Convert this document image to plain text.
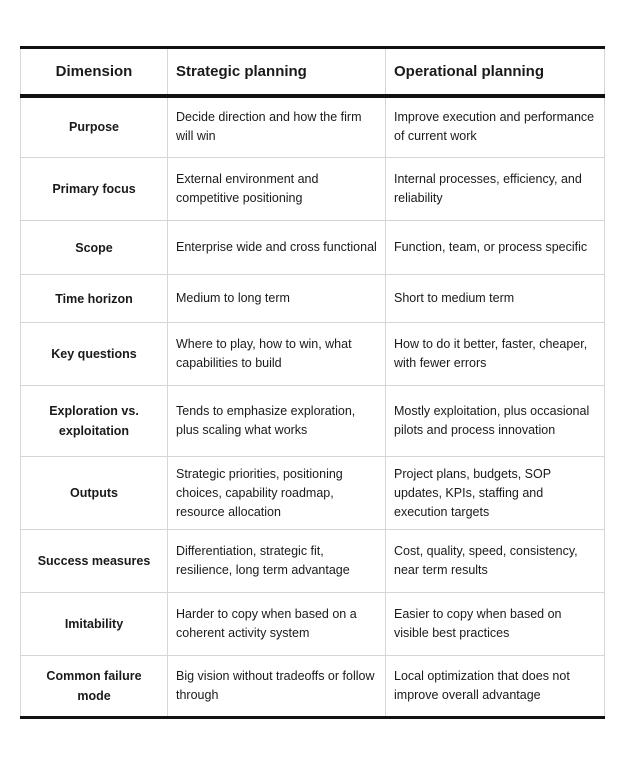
Dimension	Strategic planning	Operational planning
Purpose	Decide direction and how the firm will win	Improve execution and performance of current work
Primary focus	External environment and competitive positioning	Internal processes, efficiency, and reliability
Scope	Enterprise wide and cross functional	Function, team, or process specific
Time horizon	Medium to long term	Short to medium term
Key questions	Where to play, how to win, what capabilities to build	How to do it better, faster, cheaper, with fewer errors
Exploration vs. exploitation	Tends to emphasize exploration, plus scaling what works	Mostly exploitation, plus occasional pilots and process innovation
Outputs	Strategic priorities, positioning choices, capability roadmap, resource allocation	Project plans, budgets, SOP updates, KPIs, staffing and execution targets
Success measures	Differentiation, strategic fit, resilience, long term advantage	Cost, quality, speed, consistency, near term results
Imitability	Harder to copy when based on a coherent activity system	Easier to copy when based on visible best practices
Common failure mode	Big vision without tradeoffs or follow through	Local optimization that does not improve overall advantage
